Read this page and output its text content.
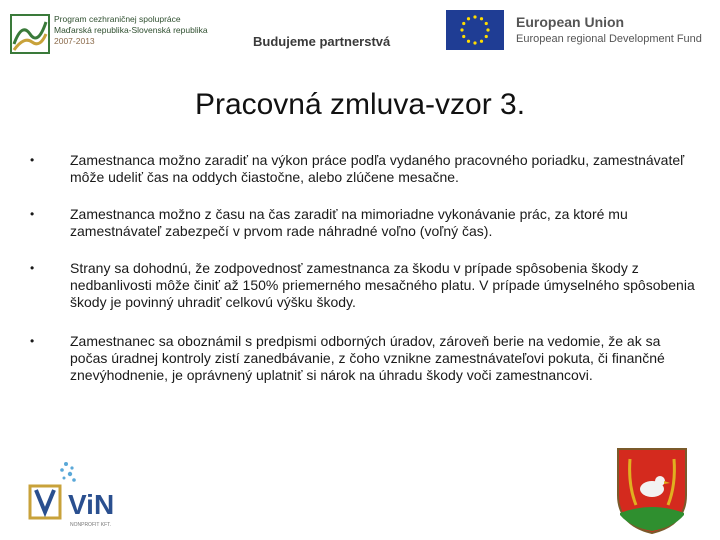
Program cezhraničnej spolupráce
Maďarská republika-Slovenská republika
2007-2013	Budujeme partnerstvá
European Union
European regional Development Fund
Pracovná zmluva-vzor 3.
•	Zamestnanca možno zaradiť na výkon práce podľa vydaného pracovného poriadku, zamestnávateľ môže udeliť čas na oddych čiastočne, alebo zlúčene mesačne.
•	Zamestnanca možno z času na čas zaradiť na mimoriadne vykonávanie prác, za ktoré mu zamestnávateľ zabezpečí v prvom rade náhradné voľno (voľný čas).
•	Strany sa dohodnú, že zodpovednosť zamestnanca za škodu v prípade spôsobenia škody z nedbanlivosti môže činiť až 150% priemerného mesačného platu. V prípade úmyselného spôsobenia škody je povinný uhradiť celkovú výšku škody.
•	Zamestnanec sa oboznámil s predpismi odborných úradov, zároveň berie na vedomie, že ak sa počas úradnej kontroly zistí zanedbávanie, z čoho vznikne zamestnávateľovi pokuta, či finančné znevýhodnenie, je oprávnený uplatniť si nárok na úhradu škody voči zamestnancovi.
ViN
NONPROFIT KFT.
